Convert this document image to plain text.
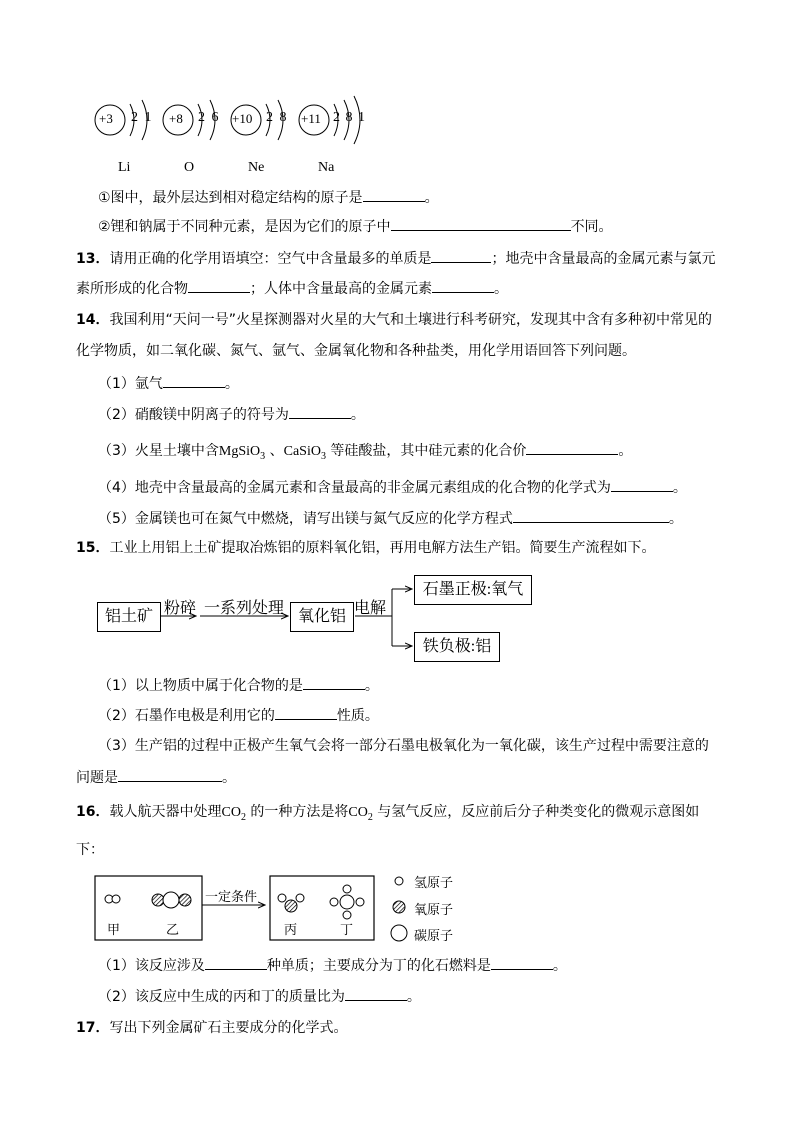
+3 2 1
Li
+8 2 6
O
+10 2 8
Ne
+11 2 8 1
Na
①图中，最外层达到相对稳定结构的原子是	。
②锂和钠属于不同种元素，是因为它们的原子中	不同。
13．请用正确的化学用语填空：空气中含量最多的单质是	；地壳中含量最高的金属元素与氯元
素所形成的化合物	；人体中含量最高的金属元素	。
14．我国利用“天问一号”火星探测器对火星的大气和土壤进行科考研究，发现其中含有多种初中常见的
化学物质，如二氧化碳、氮气、氩气、金属氧化物和各种盐类，用化学用语回答下列问题。
（1）氩气	。
（2）硝酸镁中阴离子的符号为	。
（3）火星土壤中含MgSiO$_3$ 、CaSiO$_3$ 等硅酸盐，其中硅元素的化合价	。
（4）地壳中含量最高的金属元素和含量最高的非金属元素组成的化合物的化学式为	。
（5）金属镁也可在氮气中燃烧，请写出镁与氮气反应的化学方程式	。
15．工业上用铝上土矿提取冶炼铝的原料氧化铝，再用电解方法生产铝。简要生产流程如下。
铝土矿 粉碎 一系列处理 氧化铝 电解
石墨正极:氧气
铁负极:铝
（1）以上物质中属于化合物的是	。
（2）石墨作电极是利用它的	性质。
（3）生产铝的过程中正极产生氧气会将一部分石墨电极氧化为一氧化碳，该生产过程中需要注意的
问题是	。
16．载人航天器中处理$CO_2$ 的一种方法是将$CO_2$ 与氢气反应，反应前后分子种类变化的微观示意图如
下：
甲	乙
一定条件
丙	丁
氢原子
氧原子
碳原子
（1）该反应涉及	种单质；主要成分为丁的化石燃料是	。
（2）该反应中生成的丙和丁的质量比为	。
17．写出下列金属矿石主要成分的化学式。
